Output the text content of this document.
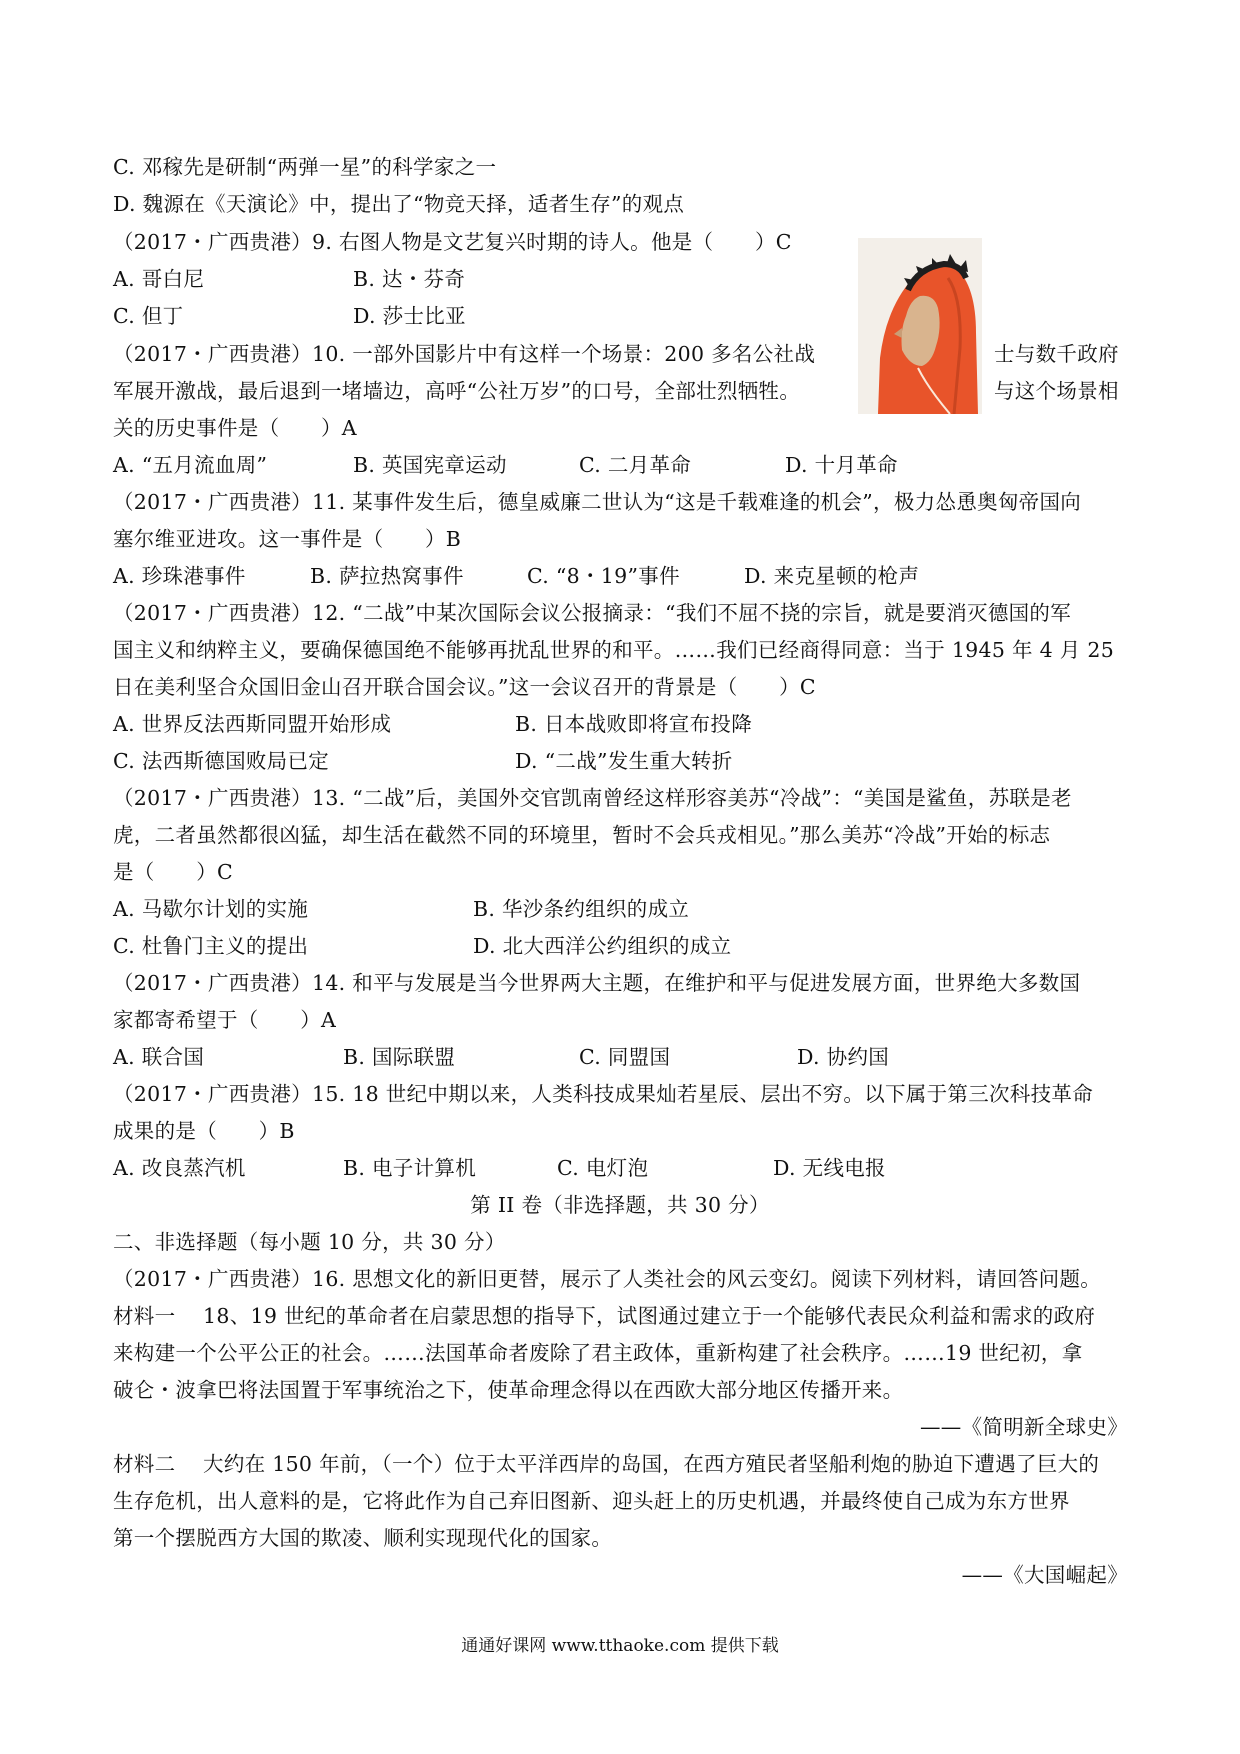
C. 邓稼先是研制“两弹一星”的科学家之一
D. 魏源在《天演论》中，提出了“物竞天择，适者生存”的观点
（2017・广西贵港）9. 右图人物是文艺复兴时期的诗人。他是（　　）C
A. 哥白尼	B. 达・芬奇
C. 但丁	D. 莎士比亚
（2017・广西贵港）10. 一部外国影片中有这样一个场景：200 多名公社战	士与数千政府
军展开激战，最后退到一堵墙边，高呼“公社万岁”的口号，全部壮烈牺牲。	与这个场景相
关的历史事件是（　　）A
A. “五月流血周”	B. 英国宪章运动	C. 二月革命	D. 十月革命
（2017・广西贵港）11. 某事件发生后，德皇威廉二世认为“这是千载难逢的机会”，极力怂恿奥匈帝国向
塞尔维亚进攻。这一事件是（　　）B
A. 珍珠港事件	B. 萨拉热窝事件	C. “8・19”事件	D. 来克星顿的枪声
（2017・广西贵港）12. “二战”中某次国际会议公报摘录：“我们不屈不挠的宗旨，就是要消灭德国的军
国主义和纳粹主义，要确保德国绝不能够再扰乱世界的和平。……我们已经商得同意：当于 1945 年 4 月 25
日在美利坚合众国旧金山召开联合国会议。”这一会议召开的背景是（　　）C
A. 世界反法西斯同盟开始形成	B. 日本战败即将宣布投降
C. 法西斯德国败局已定	D. “二战”发生重大转折
（2017・广西贵港）13. “二战”后，美国外交官凯南曾经这样形容美苏“冷战”：“美国是鲨鱼，苏联是老
虎，二者虽然都很凶猛，却生活在截然不同的环境里，暂时不会兵戎相见。”那么美苏“冷战”开始的标志
是（　　）C
A. 马歇尔计划的实施	B. 华沙条约组织的成立
C. 杜鲁门主义的提出	D. 北大西洋公约组织的成立
（2017・广西贵港）14. 和平与发展是当今世界两大主题，在维护和平与促进发展方面，世界绝大多数国
家都寄希望于（　　）A
A. 联合国	B. 国际联盟	C. 同盟国	D. 协约国
（2017・广西贵港）15. 18 世纪中期以来，人类科技成果灿若星辰、层出不穷。以下属于第三次科技革命
成果的是（　　）B
A. 改良蒸汽机	B. 电子计算机	C. 电灯泡	D. 无线电报
第 II 卷（非选择题，共 30 分）
二、非选择题（每小题 10 分，共 30 分）
（2017・广西贵港）16. 思想文化的新旧更替，展示了人类社会的风云变幻。阅读下列材料，请回答问题。
材料一　 18、19 世纪的革命者在启蒙思想的指导下，试图通过建立于一个能够代表民众利益和需求的政府
来构建一个公平公正的社会。……法国革命者废除了君主政体，重新构建了社会秩序。……19 世纪初，拿
破仑・波拿巴将法国置于军事统治之下，使革命理念得以在西欧大部分地区传播开来。
——《简明新全球史》
材料二　 大约在 150 年前，（一个）位于太平洋西岸的岛国，在西方殖民者坚船利炮的胁迫下遭遇了巨大的
生存危机，出人意料的是，它将此作为自己弃旧图新、迎头赶上的历史机遇，并最终使自己成为东方世界
第一个摆脱西方大国的欺凌、顺利实现现代化的国家。
——《大国崛起》
通通好课网 www.tthaoke.com 提供下载
